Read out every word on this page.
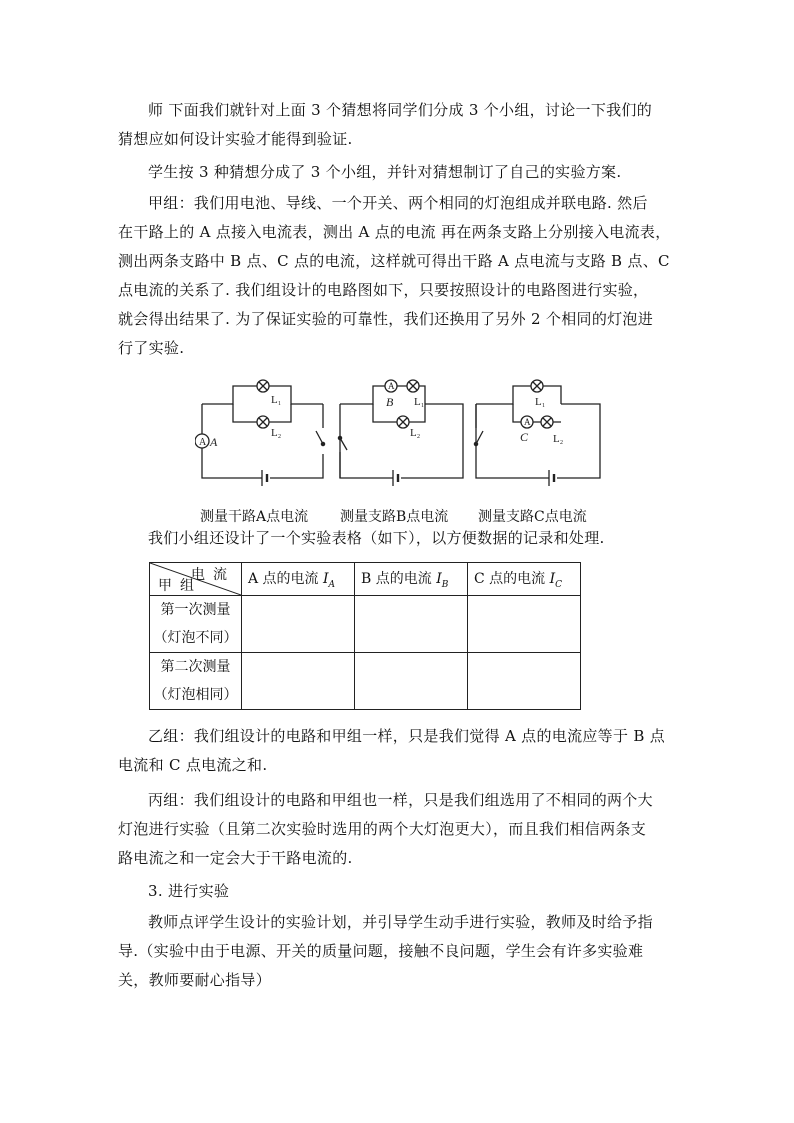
师 下面我们就针对上面 3 个猜想将同学们分成 3 个小组，讨论一下我们的
猜想应如何设计实验才能得到验证.

学生按 3 种猜想分成了 3 个小组，并针对猜想制订了自己的实验方案.

甲组：我们用电池、导线、一个开关、两个相同的灯泡组成并联电路. 然后
在干路上的 A 点接入电流表，测出 A 点的电流 再在两条支路上分别接入电流表，
测出两条支路中 B 点、C 点的电流，这样就可得出干路 A 点电流与支路 B 点、C
点电流的关系了. 我们组设计的电路图如下，只要按照设计的电路图进行实验，
就会得出结果了. 为了保证实验的可靠性，我们还换用了另外 2 个相同的灯泡进
行了实验.

A A
L 1
L 2
A
B L 1
L 2
L 1
A
C L 2
测量干路A点电流 测量支路B点电流 测量支路C点电流

我们小组还设计了一个实验表格（如下），以方便数据的记录和处理.

电流
甲组	A 点的电流 $I_A$	B 点的电流 $I_B$	C 点的电流 $I_C$
第一次测量
（灯泡不同）			
第二次测量
（灯泡相同）			

乙组：我们组设计的电路和甲组一样，只是我们觉得 A 点的电流应等于 B 点
电流和 C 点电流之和.

丙组：我们组设计的电路和甲组也一样，只是我们组选用了不相同的两个大
灯泡进行实验（且第二次实验时选用的两个大灯泡更大），而且我们相信两条支
路电流之和一定会大于干路电流的.

3. 进行实验

教师点评学生设计的实验计划，并引导学生动手进行实验，教师及时给予指
导.（实验中由于电源、开关的质量问题，接触不良问题，学生会有许多实验难
关，教师要耐心指导）
